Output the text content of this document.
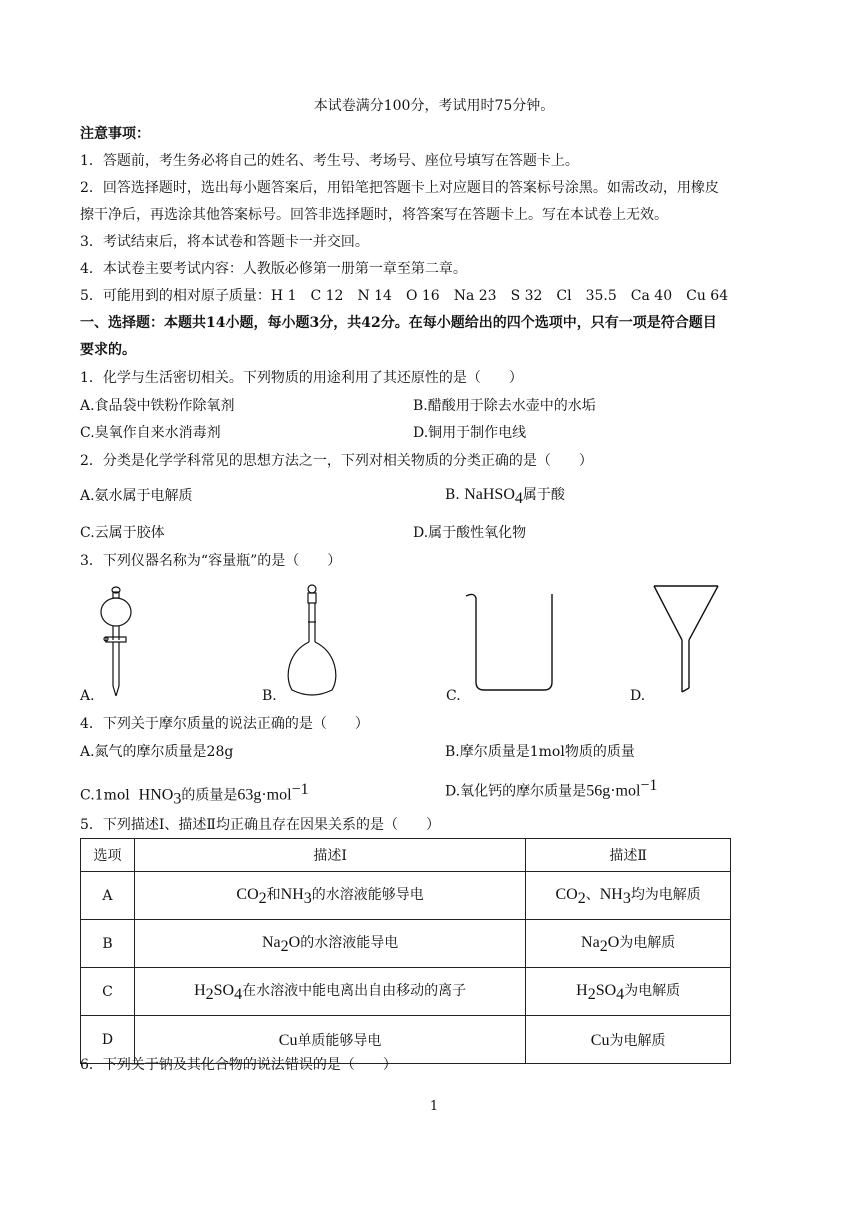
本试卷满分100分，考试用时75分钟。
注意事项：
1．答题前，考生务必将自己的姓名、考生号、考场号、座位号填写在答题卡上。
2．回答选择题时，选出每小题答案后，用铅笔把答题卡上对应题目的答案标号涂黑。如需改动，用橡皮
擦干净后，再选涂其他答案标号。回答非选择题时，将答案写在答题卡上。写在本试卷上无效。
3．考试结束后，将本试卷和答题卡一并交回。
4．本试卷主要考试内容：人教版必修第一册第一章至第二章。
5．可能用到的相对原子质量：H 1　C 12　N 14　O 16　Na 23　S 32　Cl　35.5　Ca 40　Cu 64
一、选择题：本题共14小题，每小题3分，共42分。在每小题给出的四个选项中，只有一项是符合题目
要求的。
1．化学与生活密切相关。下列物质的用途利用了其还原性的是（　　）
A.食品袋中铁粉作除氧剂	B.醋酸用于除去水壶中的水垢
C.臭氧作自来水消毒剂	D.铜用于制作电线
2．分类是化学学科常见的思想方法之一，下列对相关物质的分类正确的是（　　）
A.氨水属于电解质	B. NaHSO$_4$属于酸
C.云属于胶体	D.属于酸性氧化物
3．下列仪器名称为“容量瓶”的是（　　）
A.	B.	C.	D.
4．下列关于摩尔质量的说法正确的是（　　）
A.氮气的摩尔质量是28g	B.摩尔质量是1mol物质的质量
C.1mol $HNO_3$的质量是63g·mol$^{-1}$	D.氧化钙的摩尔质量是56g·mol$^{-1}$
5．下列描述Ⅰ、描述Ⅱ均正确且存在因果关系的是（　　）
选项	描述Ⅰ	描述Ⅱ
A	$CO_2$和$NH_3$的水溶液能够导电	$CO_2$、$NH_3$均为电解质
B	$Na_2O$的水溶液能导电	$Na_2O$为电解质
C	$H_2SO_4$在水溶液中能电离出自由移动的离子	$H_2SO_4$为电解质
D	Cu单质能够导电	Cu为电解质
6．下列关于钠及其化合物的说法错误的是（　　）
1
